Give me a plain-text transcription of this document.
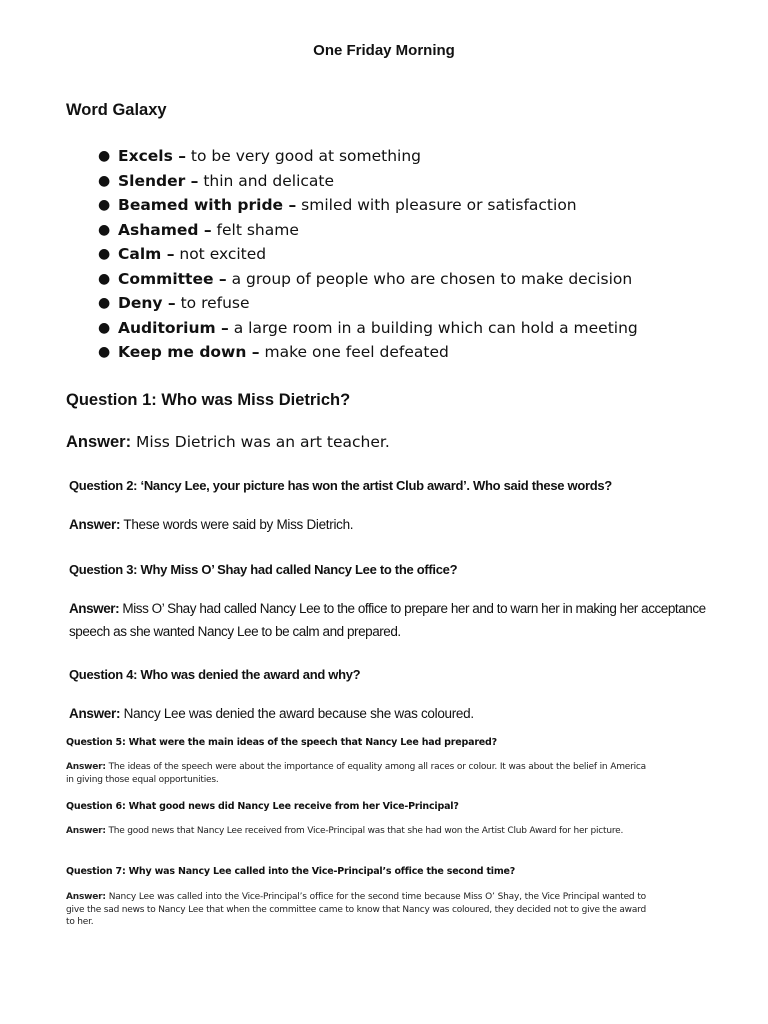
One Friday Morning
Word Galaxy
● Excels – to be very good at something
● Slender – thin and delicate
● Beamed with pride – smiled with pleasure or satisfaction
● Ashamed – felt shame
● Calm – not excited
● Committee – a group of people who are chosen to make decision
● Deny – to refuse
● Auditorium – a large room in a building which can hold a meeting
● Keep me down – make one feel defeated
Question 1: Who was Miss Dietrich?
Answer: Miss Dietrich was an art teacher.
Question 2: ‘Nancy Lee, your picture has won the artist Club award’. Who said these words?
Answer: These words were said by Miss Dietrich.
Question 3: Why Miss O’ Shay had called Nancy Lee to the office?
Answer: Miss O’ Shay had called Nancy Lee to the office to prepare her and to warn her in making her acceptance
speech as she wanted Nancy Lee to be calm and prepared.
Question 4: Who was denied the award and why?
Answer: Nancy Lee was denied the award because she was coloured.
Question 5: What were the main ideas of the speech that Nancy Lee had prepared?
Answer: The ideas of the speech were about the importance of equality among all races or colour. It was about the belief in America in giving those equal opportunities.
Question 6: What good news did Nancy Lee receive from her Vice-Principal?
Answer: The good news that Nancy Lee received from Vice-Principal was that she had won the Artist Club Award for her picture.
Question 7: Why was Nancy Lee called into the Vice-Principal’s office the second time?
Answer: Nancy Lee was called into the Vice-Principal’s office for the second time because Miss O’ Shay, the Vice Principal wanted to give the sad news to Nancy Lee that when the committee came to know that Nancy was coloured, they decided not to give the award to her.
